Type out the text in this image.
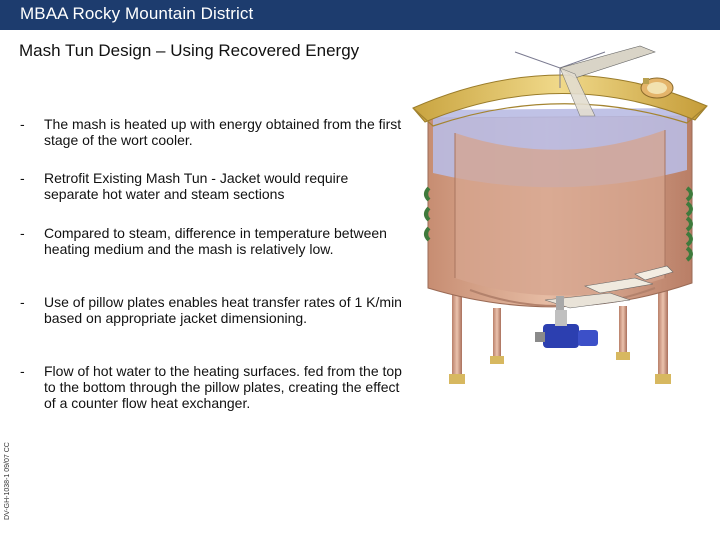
MBAA Rocky Mountain District
Mash Tun Design – Using Recovered Energy
- The mash is heated up with energy obtained from the first stage of the wort cooler.
- Retrofit Existing Mash Tun - Jacket would require separate hot water and steam sections
- Compared to steam, difference in temperature between heating medium and the mash is relatively low.
- Use of pillow plates enables heat transfer rates of 1 K/min based on appropriate jacket dimensioning.
- Flow of hot water to the heating surfaces. fed from the top to the bottom through the pillow plates, creating the effect of a counter flow heat exchanger.
DV-GH-1038-1 09/07 CC
